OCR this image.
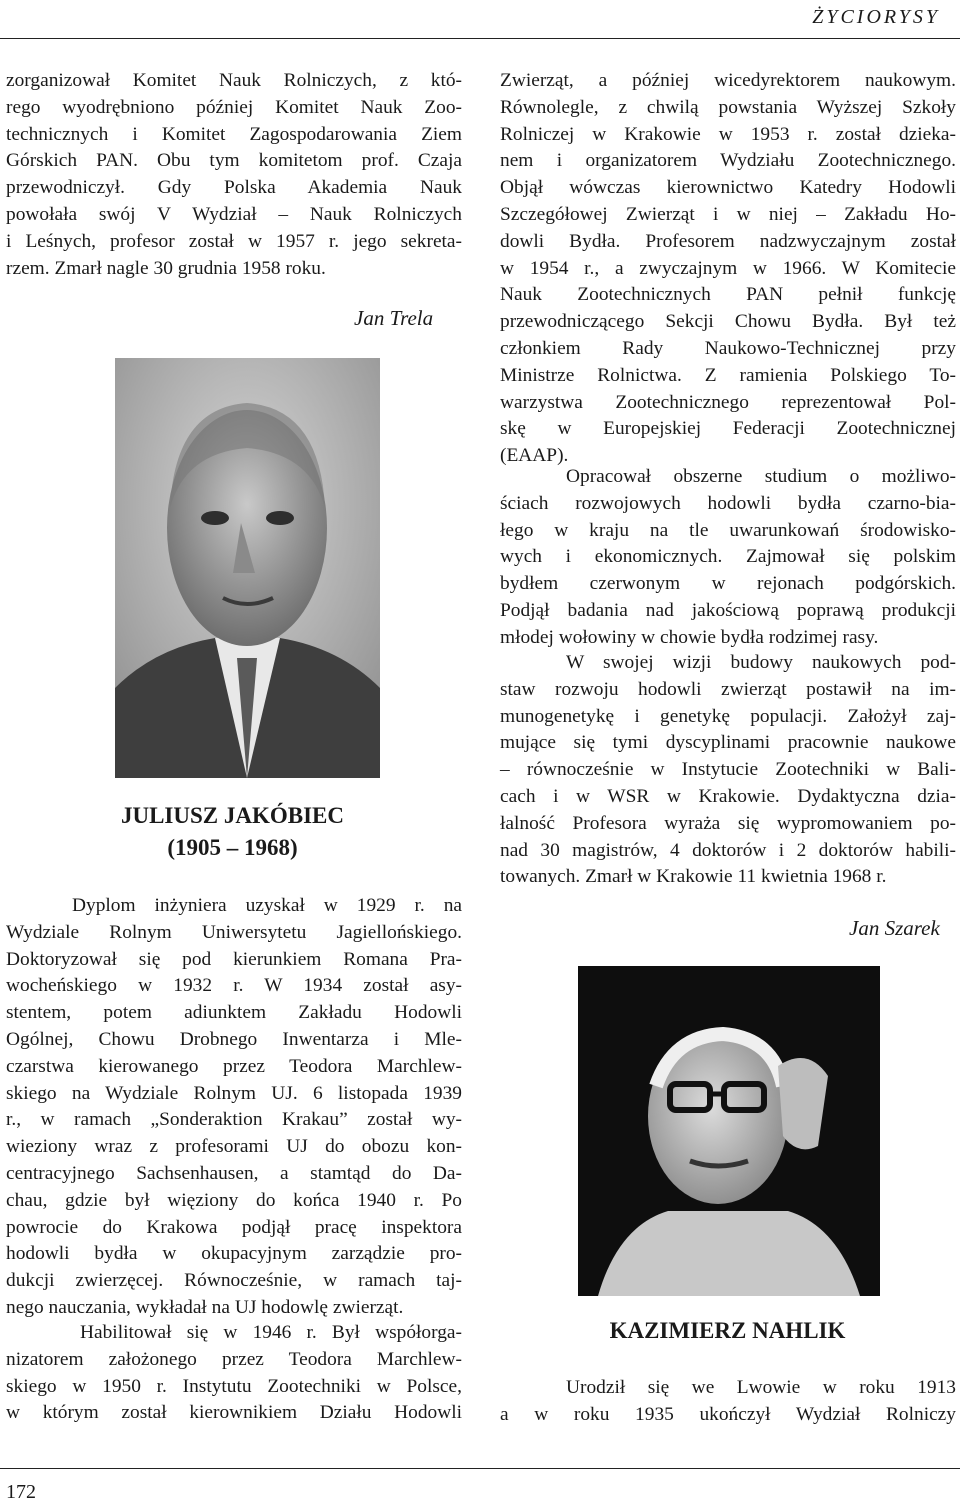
ŻYCIORYSY
zorganizował Komitet Nauk Rolniczych, z któ-
rego wyodrębniono później Komitet Nauk Zoo-
technicznych i Komitet Zagospodarowania Ziem
Górskich PAN. Obu tym komitetom prof. Czaja
przewodniczył. Gdy Polska Akademia Nauk
powołała swój V Wydział – Nauk Rolniczych
i Leśnych, profesor został w 1957 r. jego sekreta-
rzem. Zmarł nagle 30 grudnia 1958 roku.
Jan Trela
JULIUSZ JAKÓBIEC
(1905 – 1968)
Dyplom inżyniera uzyskał w 1929 r. na
Wydziale Rolnym Uniwersytetu Jagiellońskiego.
Doktoryzował się pod kierunkiem Romana Pra-
wocheńskiego w 1932 r. W 1934 został asy-
stentem, potem adiunktem Zakładu Hodowli
Ogólnej, Chowu Drobnego Inwentarza i Mle-
czarstwa kierowanego przez Teodora Marchlew-
skiego na Wydziale Rolnym UJ. 6 listopada 1939
r., w ramach „Sonderaktion Krakau” został wy-
wieziony wraz z profesorami UJ do obozu kon-
centracyjnego Sachsenhausen, a stamtąd do Da-
chau, gdzie był więziony do końca 1940 r. Po
powrocie do Krakowa podjął pracę inspektora
hodowli bydła w okupacyjnym zarządzie pro-
dukcji zwierzęcej. Równocześnie, w ramach taj-
nego nauczania, wykładał na UJ hodowlę zwierząt.
Habilitował się w 1946 r. Był współorga-
nizatorem założonego przez Teodora Marchlew-
skiego w 1950 r. Instytutu Zootechniki w Polsce,
w którym został kierownikiem Działu Hodowli
Zwierząt, a później wicedyrektorem naukowym.
Równolegle, z chwilą powstania Wyższej Szkoły
Rolniczej w Krakowie w 1953 r. został dzieka-
nem i organizatorem Wydziału Zootechnicznego.
Objął wówczas kierownictwo Katedry Hodowli
Szczegółowej Zwierząt i w niej – Zakładu Ho-
dowli Bydła. Profesorem nadzwyczajnym został
w 1954 r., a zwyczajnym w 1966. W Komitecie
Nauk Zootechnicznych PAN pełnił funkcję
przewodniczącego Sekcji Chowu Bydła. Był też
członkiem Rady Naukowo-Technicznej przy
Ministrze Rolnictwa. Z ramienia Polskiego To-
warzystwa Zootechnicznego reprezentował Pol-
skę w Europejskiej Federacji Zootechnicznej
(EAAP).
Opracował obszerne studium o możliwo-
ściach rozwojowych hodowli bydła czarno-bia-
łego w kraju na tle uwarunkowań środowisko-
wych i ekonomicznych. Zajmował się polskim
bydłem czerwonym w rejonach podgórskich.
Podjął badania nad jakościową poprawą produkcji
młodej wołowiny w chowie bydła rodzimej rasy.
W swojej wizji budowy naukowych pod-
staw rozwoju hodowli zwierząt postawił na im-
munogenetykę i genetykę populacji. Założył zaj-
mujące się tymi dyscyplinami pracownie naukowe
– równocześnie w Instytucie Zootechniki w Bali-
cach i w WSR w Krakowie. Dydaktyczna dzia-
łalność Profesora wyraża się wypromowaniem po-
nad 30 magistrów, 4 doktorów i 2 doktorów habili-
towanych. Zmarł w Krakowie 11 kwietnia 1968 r.
Jan Szarek
KAZIMIERZ NAHLIK
Urodził się we Lwowie w roku 1913
a w roku 1935 ukończył Wydział Rolniczy
172
